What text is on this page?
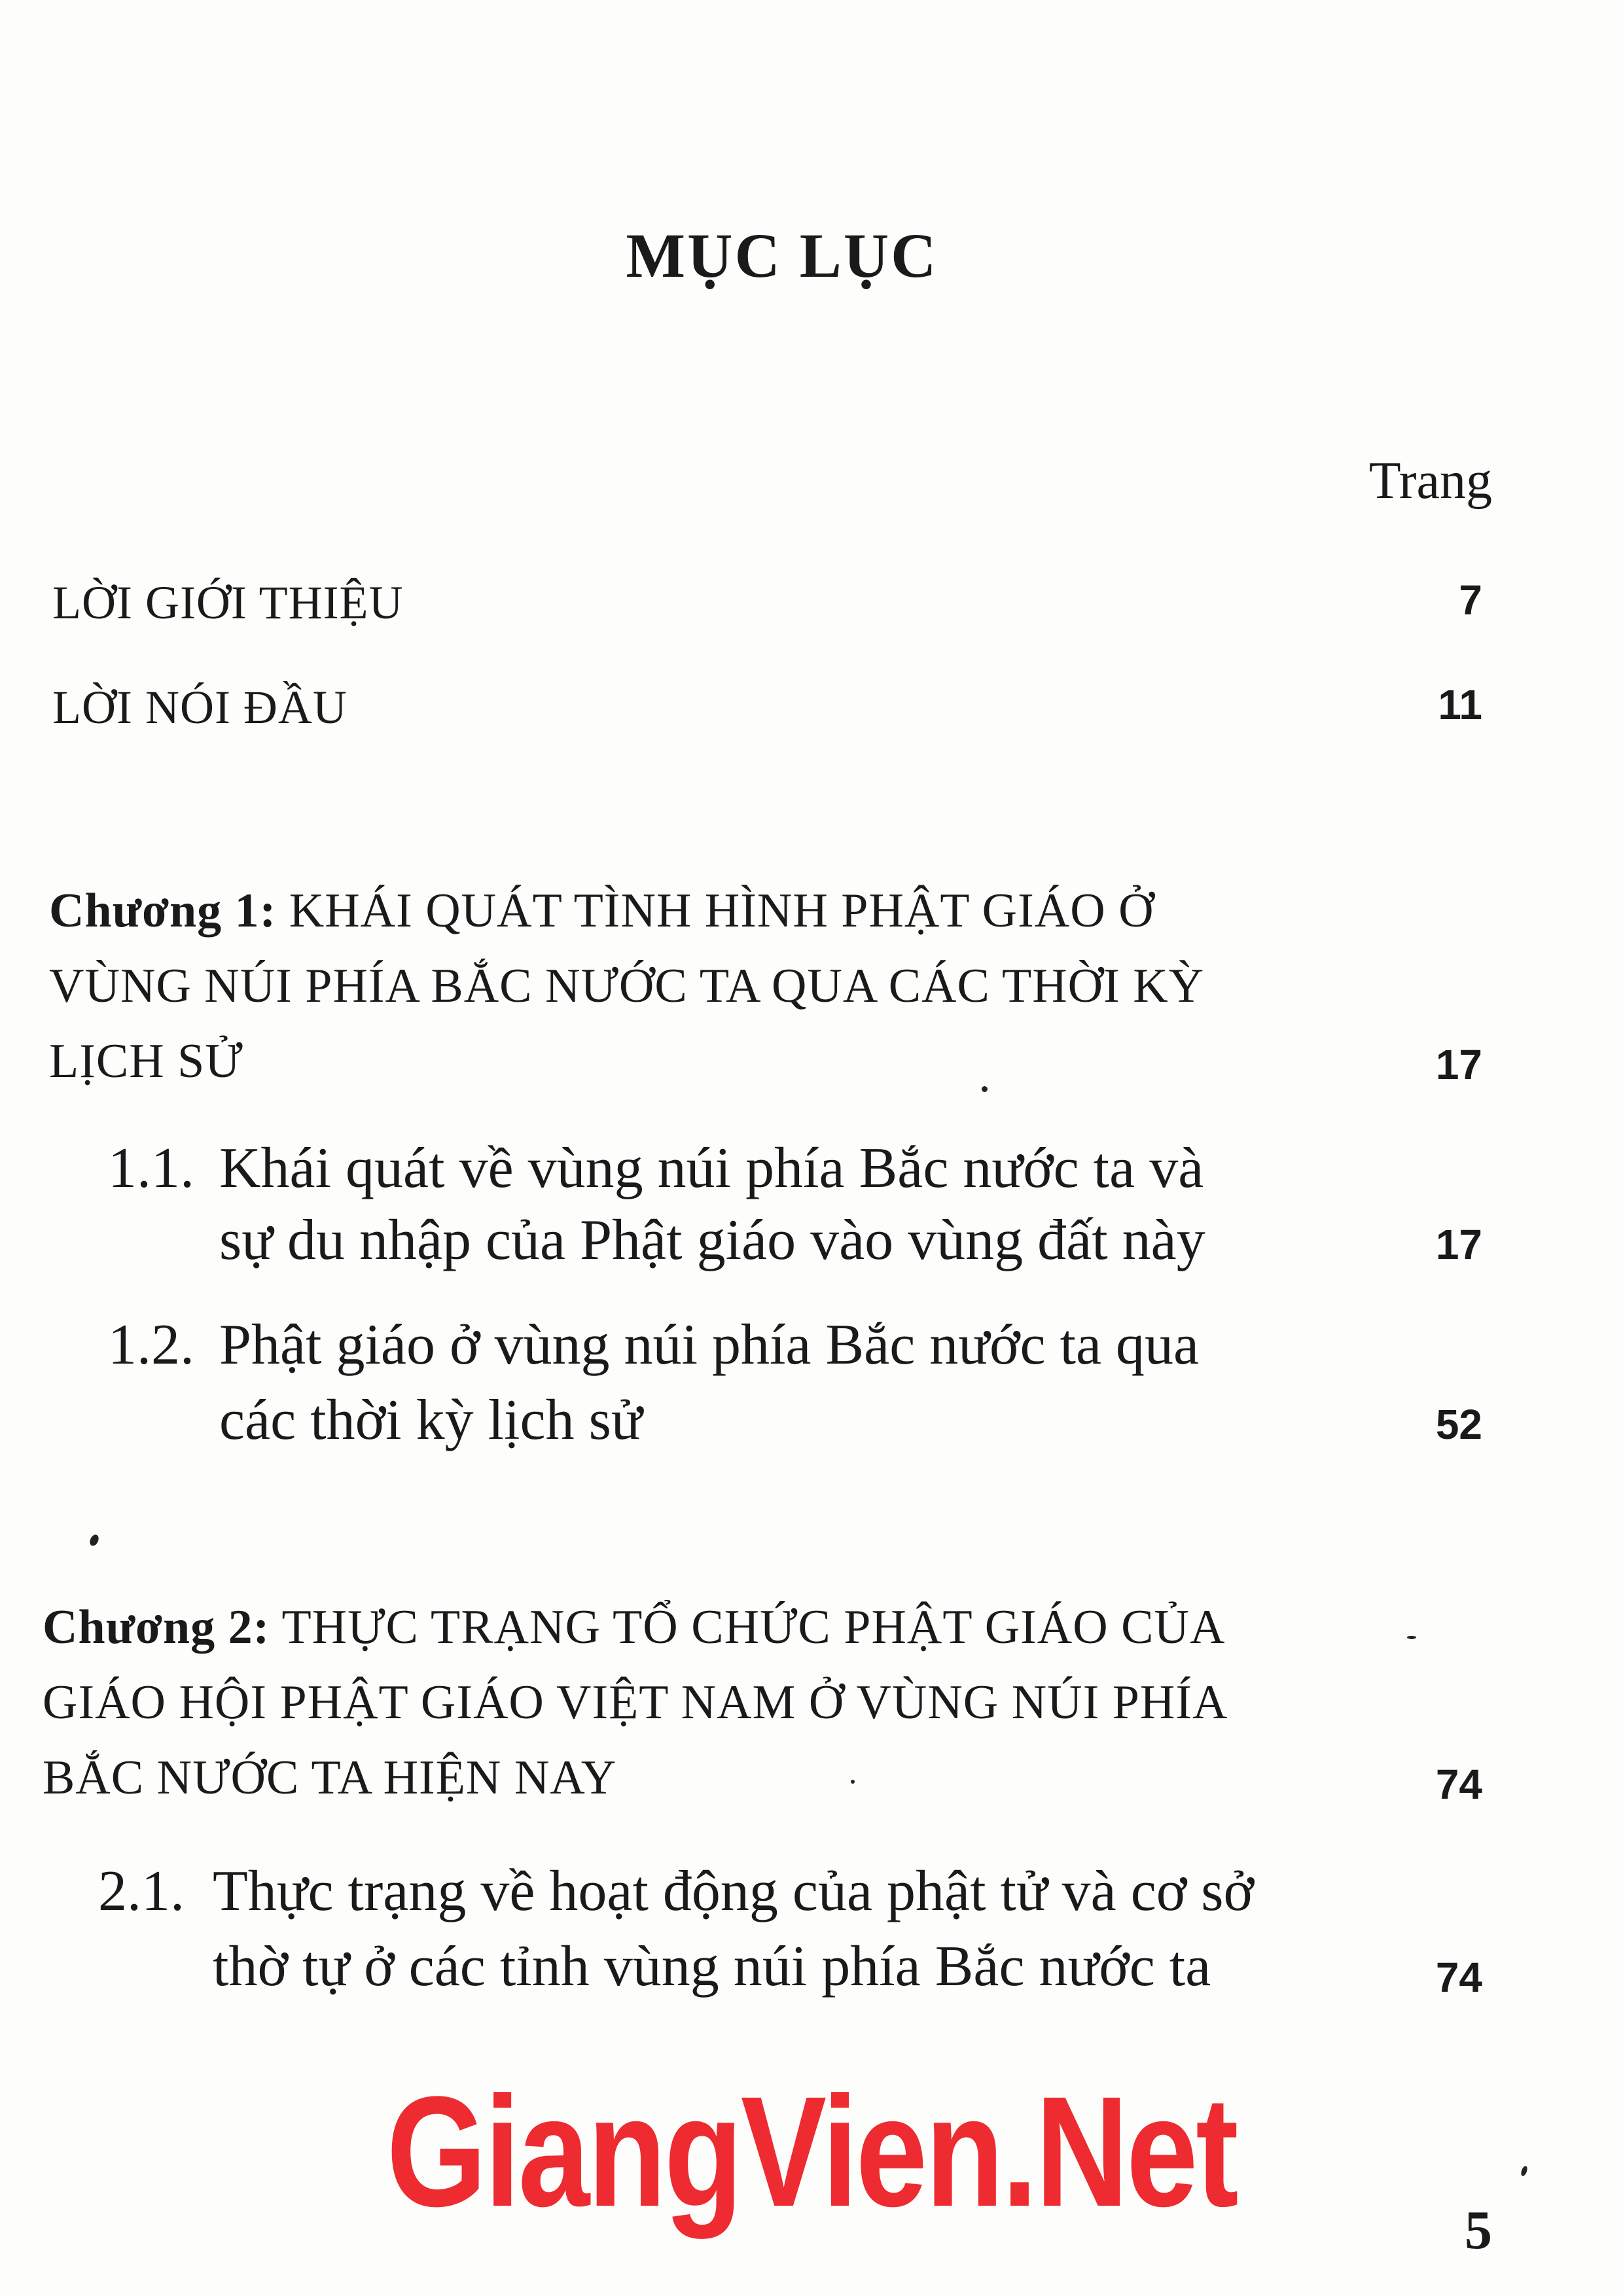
MỤC LỤC
Trang
LỜI GIỚI THIỆU	7
LỜI NÓI ĐẦU	11
Chương 1: KHÁI QUÁT TÌNH HÌNH PHẬT GIÁO Ở
VÙNG NÚI PHÍA BẮC NƯỚC TA QUA CÁC THỜI KỲ
LỊCH SỬ	17
1.1. Khái quát về vùng núi phía Bắc nước ta và
sự du nhập của Phật giáo vào vùng đất này	17
1.2. Phật giáo ở vùng núi phía Bắc nước ta qua
các thời kỳ lịch sử	52
Chương 2: THỰC TRẠNG TỔ CHỨC PHẬT GIÁO CỦA
GIÁO HỘI PHẬT GIÁO VIỆT NAM Ở VÙNG NÚI PHÍA
BẮC NƯỚC TA HIỆN NAY	74
2.1. Thực trạng về hoạt động của phật tử và cơ sở
thờ tự ở các tỉnh vùng núi phía Bắc nước ta	74
GiangVien.Net	5
